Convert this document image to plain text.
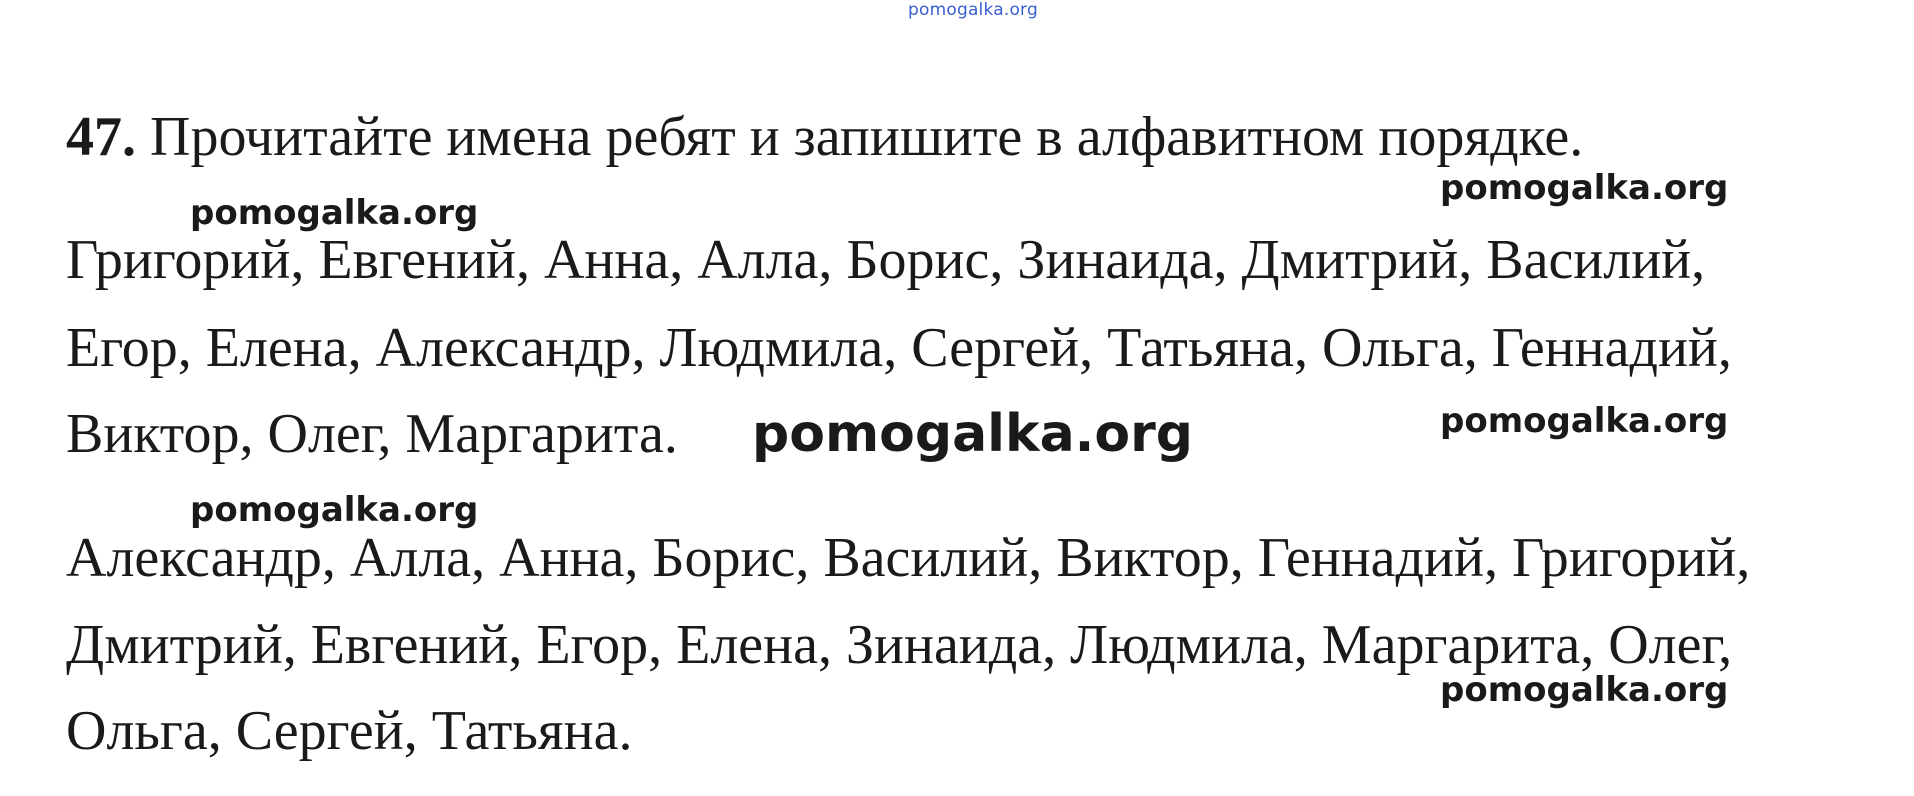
pomogalka.org
47. Прочитайте имена ребят и запишите в алфавитном порядке.
pomogalka.org
pomogalka.org
Григорий, Евгений, Анна, Алла, Борис, Зинаида, Дмитрий, Василий,
Егор, Елена, Александр, Людмила, Сергей, Татьяна, Ольга, Геннадий,
Виктор, Олег, Маргарита. pomogalka.org	pomogalka.org
pomogalka.org
Александр, Алла, Анна, Борис, Василий, Виктор, Геннадий, Григорий,
Дмитрий, Евгений, Егор, Елена, Зинаида, Людмила, Маргарита, Олег,
Ольга, Сергей, Татьяна.
pomogalka.org
